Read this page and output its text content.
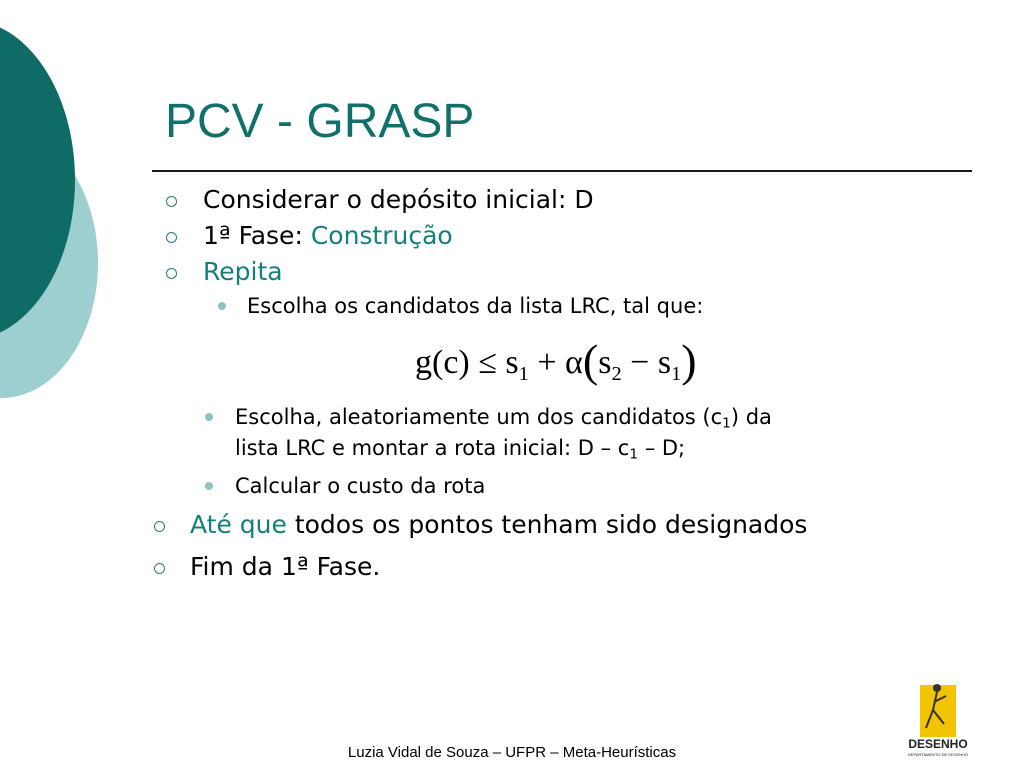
PCV - GRASP
Considerar o depósito inicial: D
1ª Fase: Construção
Repita
Escolha os candidatos da lista LRC, tal que:
$g(c) \le s_1 + \alpha(s_2 - s_1)$
Escolha, aleatoriamente um dos candidatos $(c_1)$ da
lista LRC e montar a rota inicial: D – $c_1$ – D;
Calcular o custo da rota
Até que todos os pontos tenham sido designados
Fim da 1ª Fase.
Luzia Vidal de Souza – UFPR – Meta-Heurísticas	DESENHO
DEPARTAMENTO DE DESENHO
